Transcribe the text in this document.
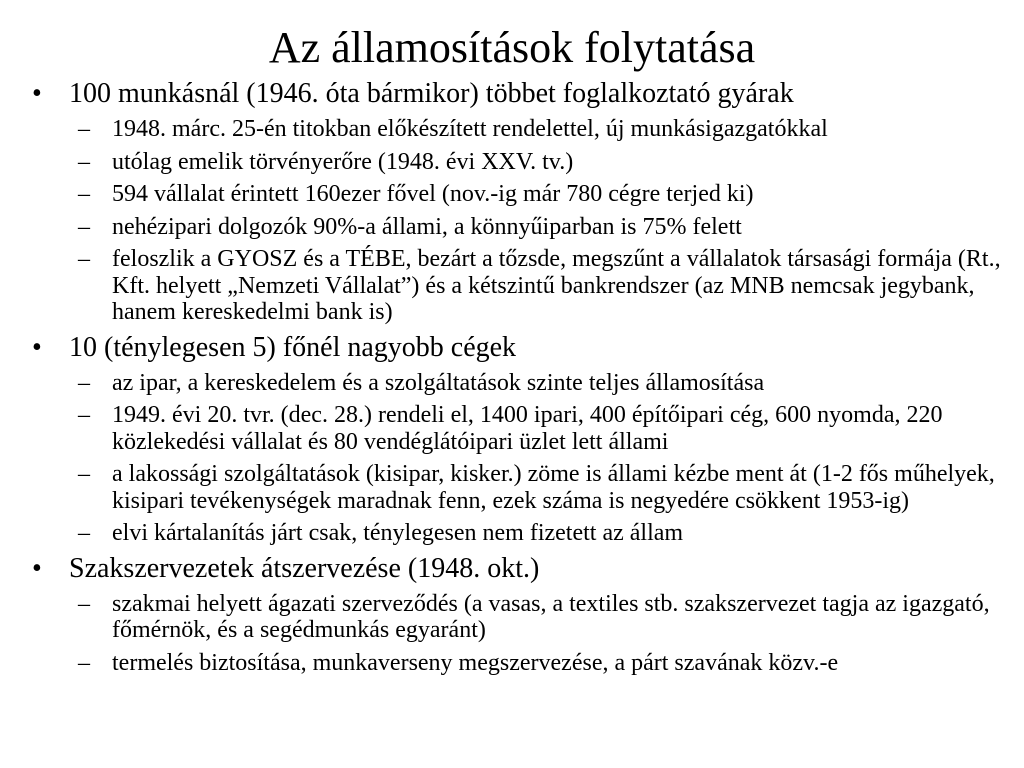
Az államosítások folytatása
• 100 munkásnál (1946. óta bármikor) többet foglalkoztató gyárak
– 1948. márc. 25-én titokban előkészített rendelettel, új munkásigazgatókkal
– utólag emelik törvényerőre (1948. évi XXV. tv.)
– 594 vállalat érintett 160ezer fővel (nov.-ig már 780 cégre terjed ki)
– nehézipari dolgozók 90%-a állami, a könnyűiparban is 75% felett
– feloszlik a GYOSZ és a TÉBE, bezárt a tőzsde, megszűnt a vállalatok társasági formája (Rt., Kft. helyett „Nemzeti Vállalat”) és a kétszintű bankrendszer (az MNB nemcsak jegybank, hanem kereskedelmi bank is)
• 10 (ténylegesen 5) főnél nagyobb cégek
– az ipar, a kereskedelem és a szolgáltatások szinte teljes államosítása
– 1949. évi 20. tvr. (dec. 28.) rendeli el, 1400 ipari, 400 építőipari cég, 600 nyomda, 220 közlekedési vállalat és 80 vendéglátóipari üzlet lett állami
– a lakossági szolgáltatások (kisipar, kisker.) zöme is állami kézbe ment át (1-2 fős műhelyek, kisipari tevékenységek maradnak fenn, ezek száma is negyedére csökkent 1953-ig)
– elvi kártalanítás járt csak, ténylegesen nem fizetett az állam
• Szakszervezetek átszervezése (1948. okt.)
– szakmai helyett ágazati szerveződés (a vasas, a textiles stb. szakszervezet tagja az igazgató, főmérnök, és a segédmunkás egyaránt)
– termelés biztosítása, munkaverseny megszervezése, a párt szavának közv.-e
